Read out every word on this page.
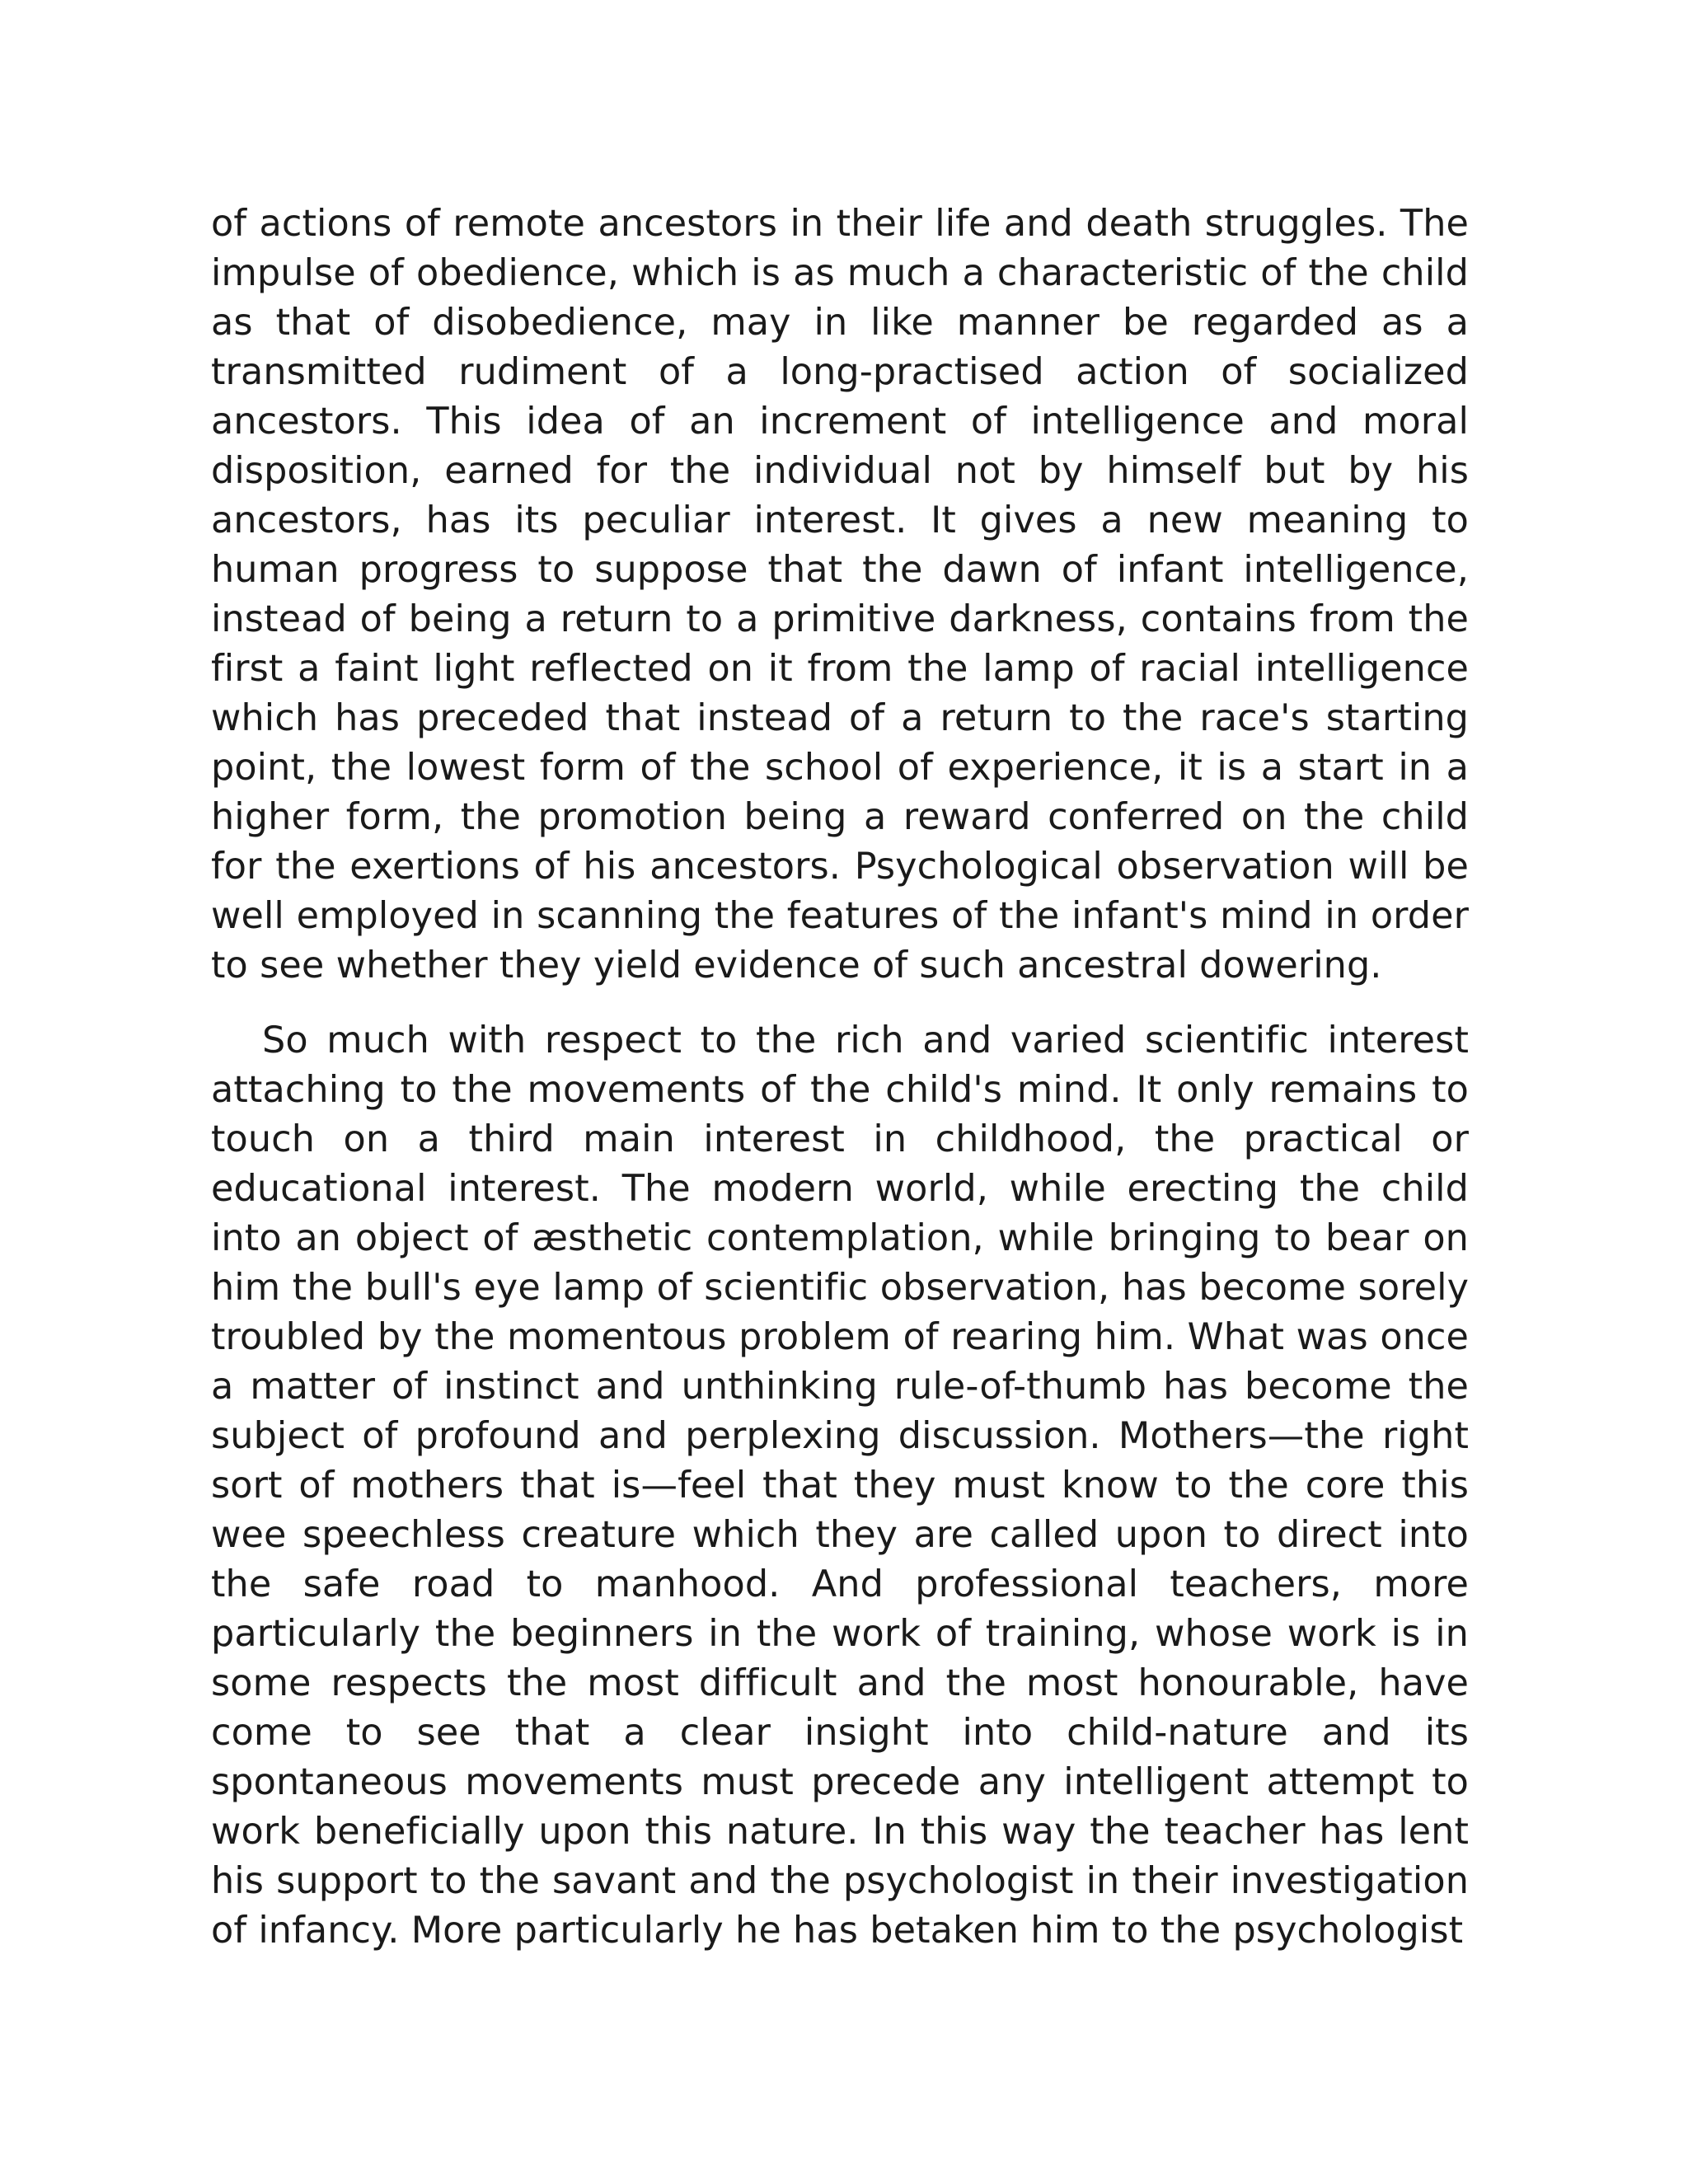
of actions of remote ancestors in their life and death struggles. The impulse of obedience, which is as much a characteristic of the child as that of disobedience, may in like manner be regarded as a transmitted rudiment of a long-practised action of socialized ancestors. This idea of an increment of intelligence and moral disposition, earned for the individual not by himself but by his ancestors, has its peculiar interest. It gives a new meaning to human progress to suppose that the dawn of infant intelligence, instead of being a return to a primitive darkness, contains from the first a faint light reflected on it from the lamp of racial intelligence which has preceded that instead of a return to the race's starting point, the lowest form of the school of experience, it is a start in a higher form, the promotion being a reward conferred on the child for the exertions of his ancestors. Psychological observation will be well employed in scanning the features of the infant's mind in order to see whether they yield evidence of such ancestral dowering.

So much with respect to the rich and varied scientific interest attaching to the movements of the child's mind. It only remains to touch on a third main interest in childhood, the practical or educational interest. The modern world, while erecting the child into an object of æsthetic contemplation, while bringing to bear on him the bull's eye lamp of scientific observation, has become sorely troubled by the momentous problem of rearing him. What was once a matter of instinct and unthinking rule-of-thumb has become the subject of profound and perplexing discussion. Mothers—the right sort of mothers that is—feel that they must know to the core this wee speechless creature which they are called upon to direct into the safe road to manhood. And professional teachers, more particularly the beginners in the work of training, whose work is in some respects the most difficult and the most honourable, have come to see that a clear insight into child-nature and its spontaneous movements must precede any intelligent attempt to work beneficially upon this nature. In this way the teacher has lent his support to the savant and the psychologist in their investigation of infancy. More particularly he has betaken him to the psychologist
